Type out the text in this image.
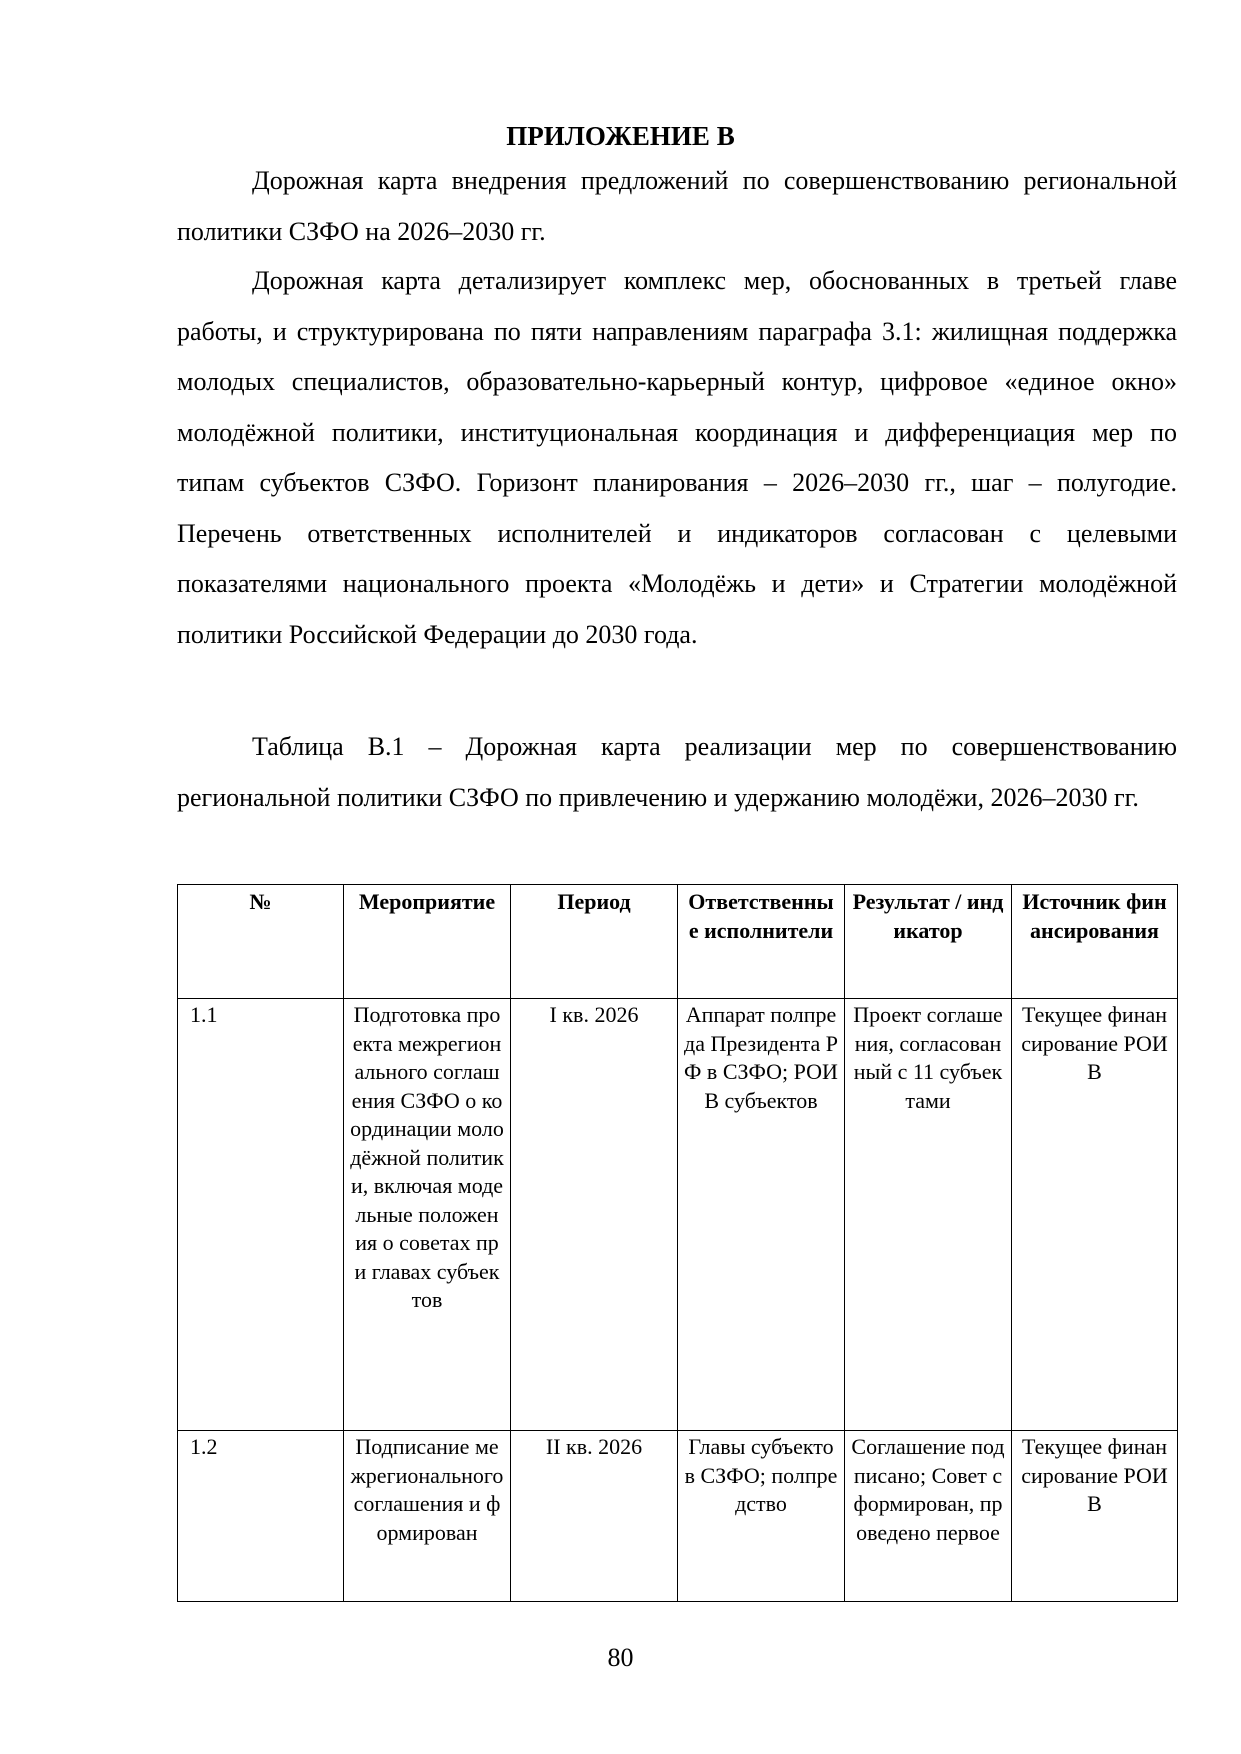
ПРИЛОЖЕНИЕ В

Дорожная карта внедрения предложений по совершенствованию региональной политики СЗФО на 2026–2030 гг.

Дорожная карта детализирует комплекс мер, обоснованных в третьей главе работы, и структурирована по пяти направлениям параграфа 3.1: жилищная поддержка молодых специалистов, образовательно-карьерный контур, цифровое «единое окно» молодёжной политики, институциональная координация и дифференциация мер по типам субъектов СЗФО. Горизонт планирования – 2026–2030 гг., шаг – полугодие. Перечень ответственных исполнителей и индикаторов согласован с целевыми показателями национального проекта «Молодёжь и дети» и Стратегии молодёжной политики Российской Федерации до 2030 года.

Таблица В.1 – Дорожная карта реализации мер по совершенствованию региональной политики СЗФО по привлечению и удержанию молодёжи, 2026–2030 гг.

№	Мероприятие	Период	Ответственные исполнители	Результат / индикатор	Источник финансирования
1.1	Подготовка проекта межрегионального соглашения СЗФО о координации молодёжной политики, включая модельные положения о советах при главах субъектов	I кв. 2026	Аппарат полпреда Президента РФ в СЗФО; РОИВ субъектов	Проект соглашения, согласованный с 11 субъектами	Текущее финансирование РОИВ

1.2	Подписание межрегионального соглашения и формирован	II кв. 2026	Главы субъектов СЗФО; полпредство	Соглашение подписано; Совет сформирован, проведено первое	Текущее финансирование РОИВ
80
